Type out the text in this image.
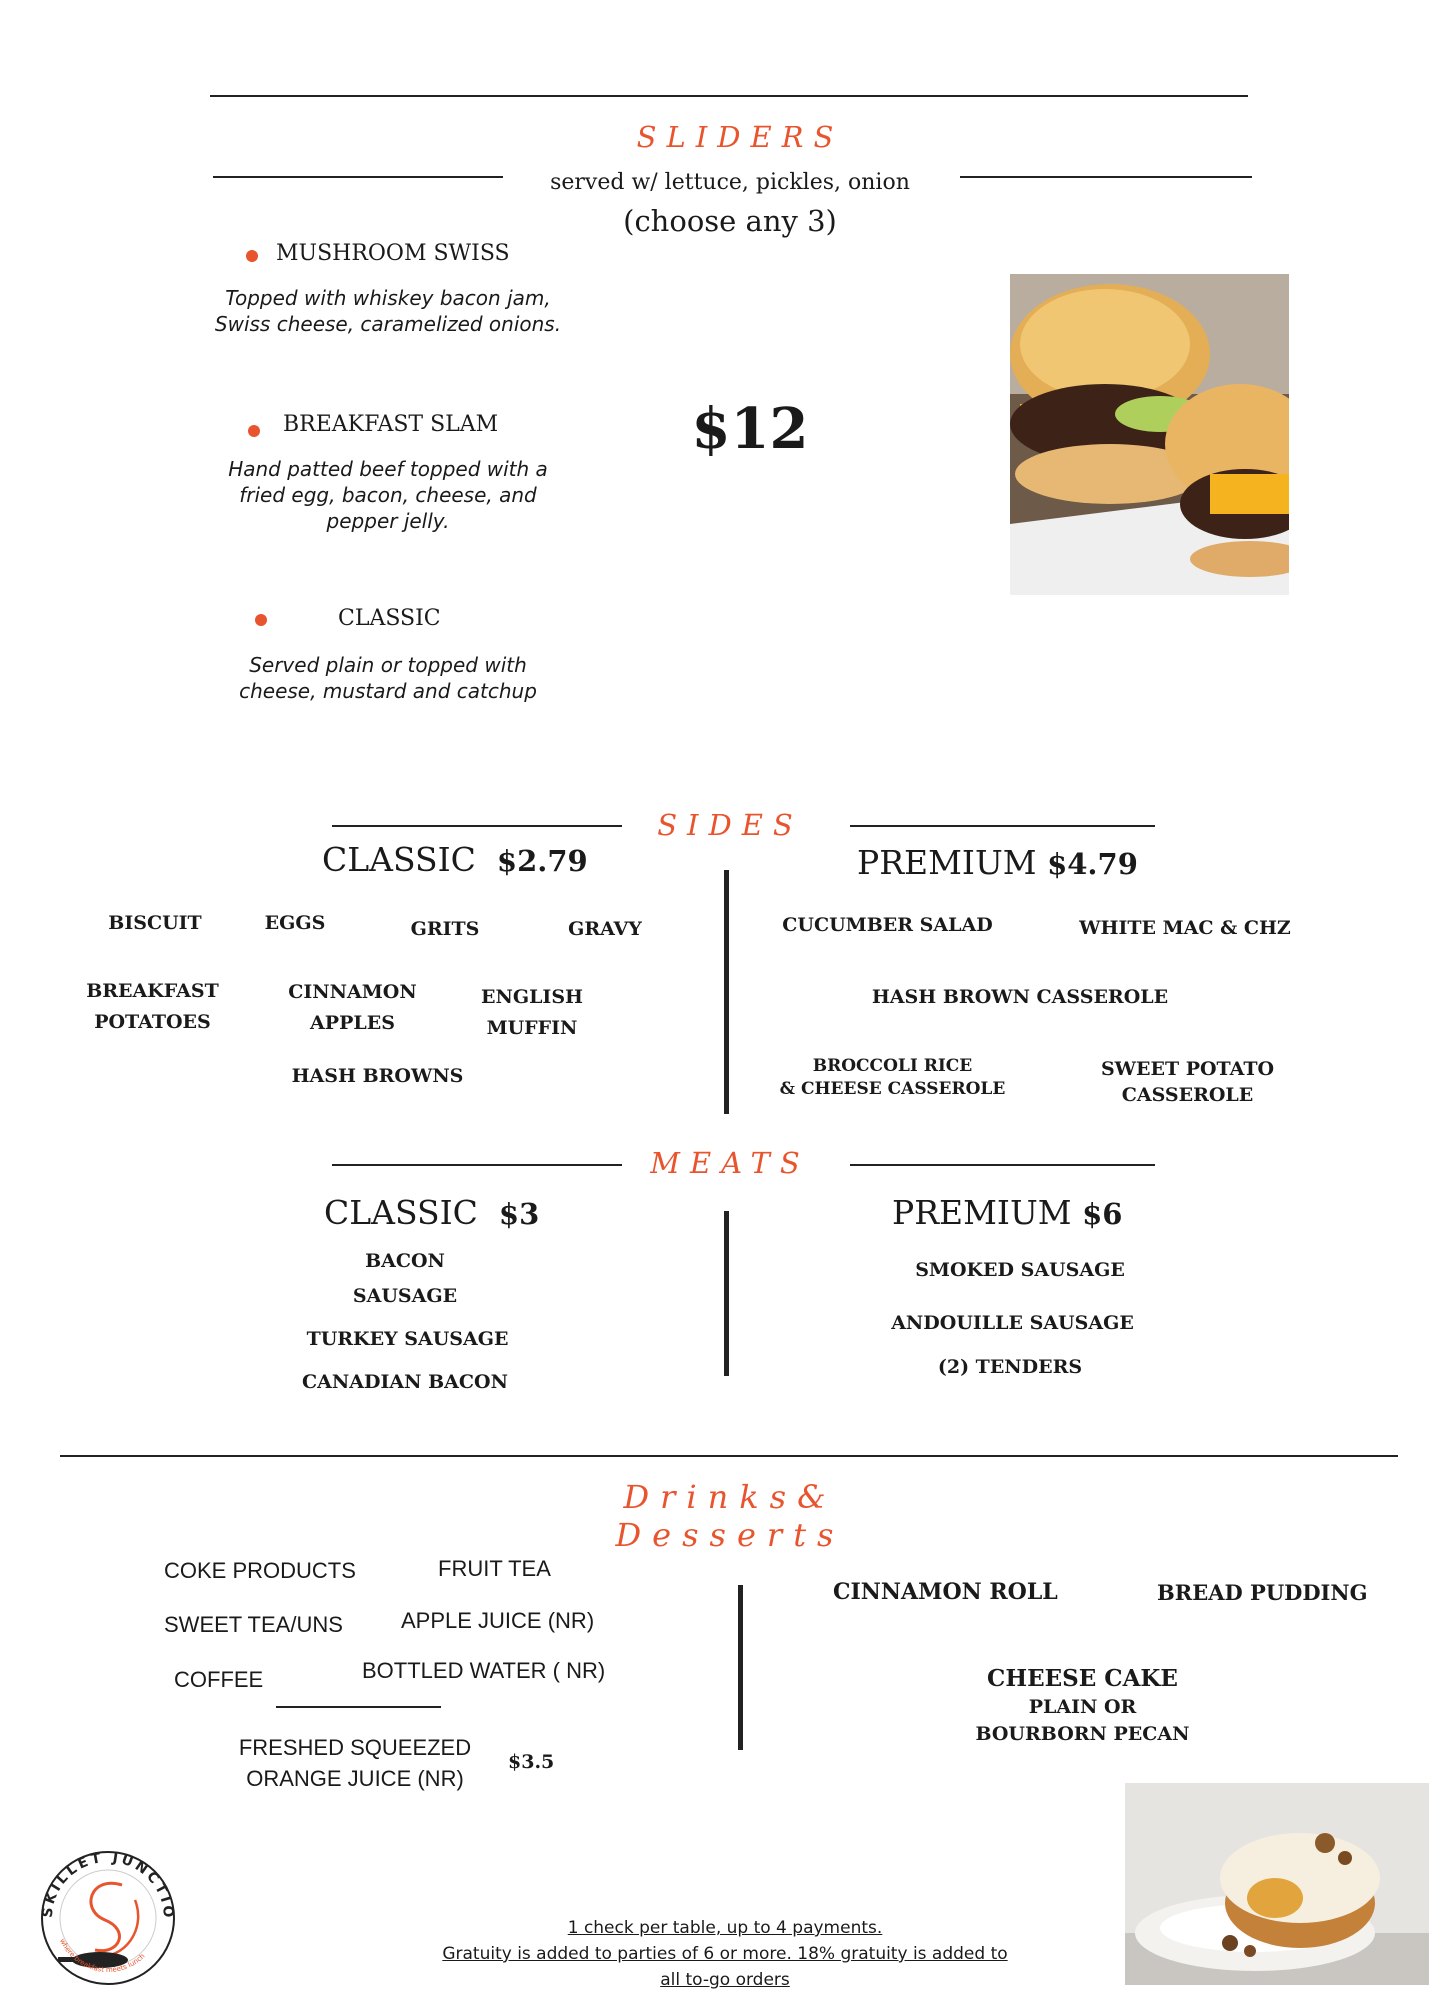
SLIDERS
served w/ lettuce, pickles, onion
(choose any 3)
MUSHROOM SWISS
Topped with whiskey bacon jam,
Swiss cheese, caramelized onions.
BREAKFAST SLAM
Hand patted beef topped with a
fried egg, bacon, cheese, and
pepper jelly.
CLASSIC
Served plain or topped with
cheese, mustard and catchup
$12
SIDES
CLASSIC $2.79	PREMIUM $4.79
BISCUIT	EGGS	GRITS	GRAVY
BREAKFAST
POTATOES
CINNAMON
APPLES
ENGLISH
MUFFIN
HASH BROWNS
CUCUMBER SALAD	WHITE MAC & CHZ
HASH BROWN CASSEROLE
BROCCOLI RICE
& CHEESE CASSEROLE
SWEET POTATO
CASSEROLE
MEATS
CLASSIC $3	PREMIUM $6
BACON
SAUSAGE
TURKEY SAUSAGE
CANADIAN BACON
SMOKED SAUSAGE
ANDOUILLE SAUSAGE
(2) TENDERS
Drinks& Desserts
COKE PRODUCTS	FRUIT TEA
SWEET TEA/UNS	APPLE JUICE (NR)
COFFEE	BOTTLED WATER ( NR)
FRESHED SQUEEZED
ORANGE JUICE (NR)
$3.5
CINNAMON ROLL	BREAD PUDDING
CHEESE CAKE
PLAIN OR
BOURBORN PECAN
SKILLET JUNCTIO
where breakfast meets lunch
1 check per table, up to 4 payments.
Gratuity is added to parties of 6 or more. 18% gratuity is added to
all to-go orders
